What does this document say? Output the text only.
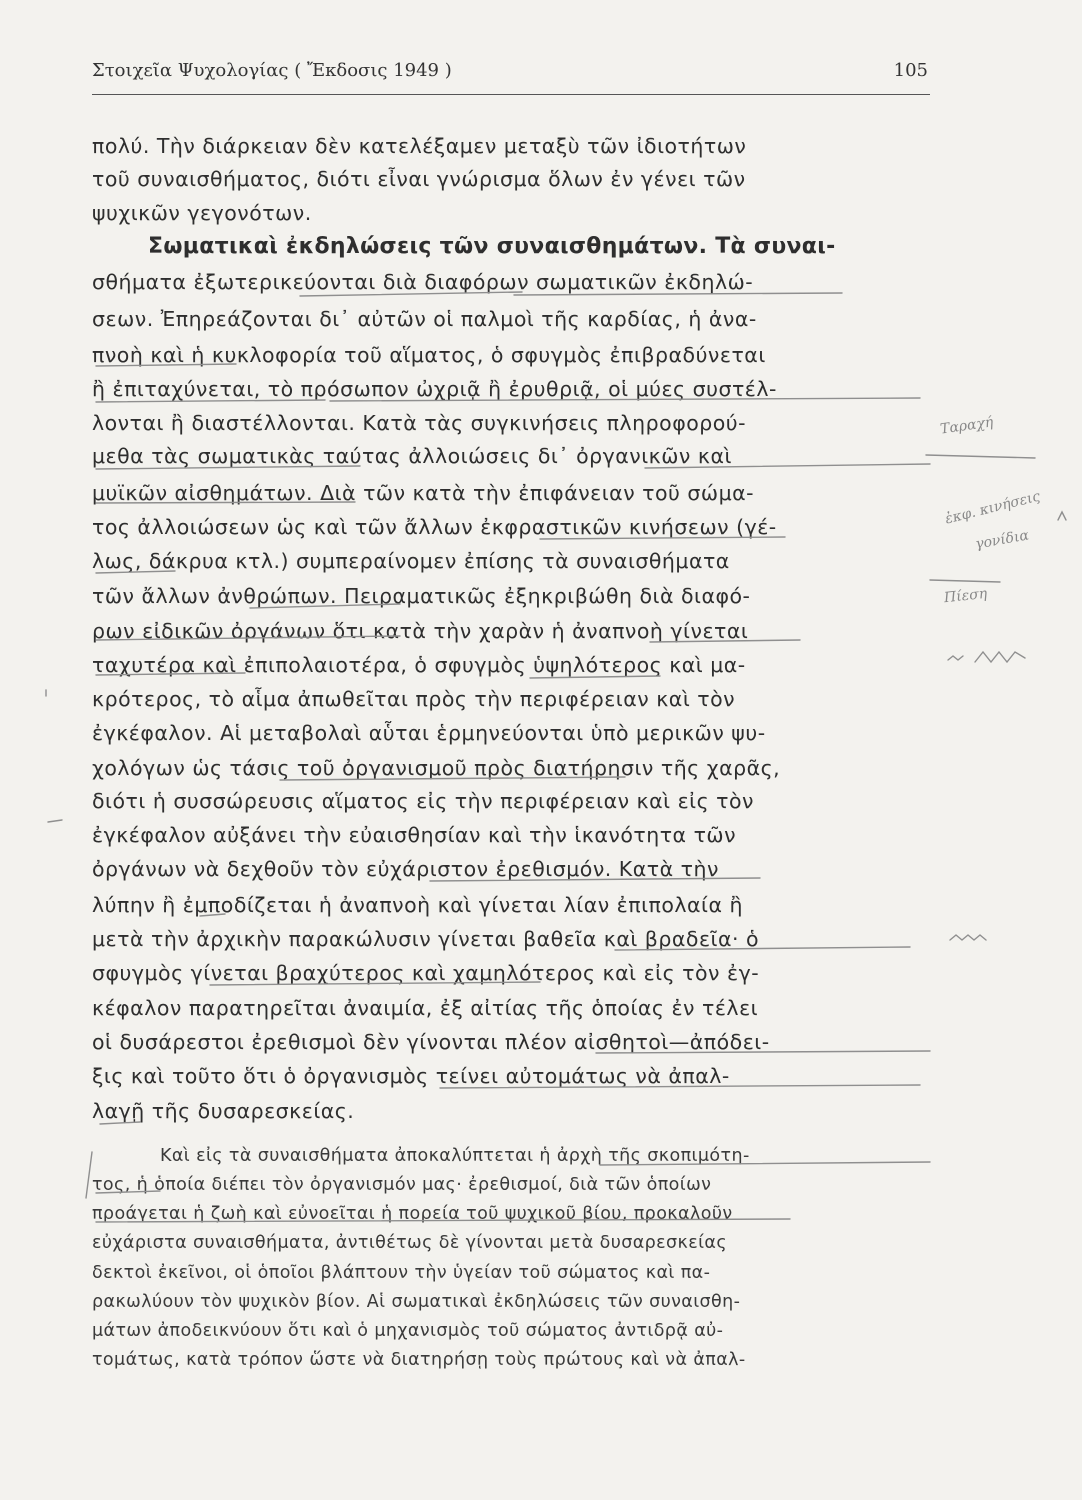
Στοιχεῖα Ψυχολογίας ( Ἔκδοσις 1949 )	105
πολύ. Τὴν διάρκειαν δὲν κατελέξαμεν μεταξὺ τῶν ἰδιοτήτων
τοῦ συναισθήματος, διότι εἶναι γνώρισμα ὅλων ἐν γένει τῶν
ψυχικῶν γεγονότων.
Σωματικαὶ ἐκδηλώσεις τῶν συναισθημάτων. Τὰ συναι-
σθήματα ἐξωτερικεύονται διὰ διαφόρων σωματικῶν ἐκδηλώ-
σεων. Ἐπηρεάζονται δι᾽ αὐτῶν οἱ παλμοὶ τῆς καρδίας, ἡ ἀνα-
πνοὴ καὶ ἡ κυκλοφορία τοῦ αἵματος, ὁ σφυγμὸς ἐπιβραδύνεται
ἢ ἐπιταχύνεται, τὸ πρόσωπον ὠχριᾷ ἢ ἐρυθριᾷ, οἱ μύες συστέλ-
λονται ἢ διαστέλλονται. Κατὰ τὰς συγκινήσεις πληροφορού-
μεθα τὰς σωματικὰς ταύτας ἀλλοιώσεις δι᾽ ὀργανικῶν καὶ
μυϊκῶν αἰσθημάτων. Διὰ τῶν κατὰ τὴν ἐπιφάνειαν τοῦ σώμα-
τος ἀλλοιώσεων ὡς καὶ τῶν ἄλλων ἐκφραστικῶν κινήσεων (γέ-
λως, δάκρυα κτλ.) συμπεραίνομεν ἐπίσης τὰ συναισθήματα
τῶν ἄλλων ἀνθρώπων. Πειραματικῶς ἐξηκριβώθη διὰ διαφό-
ρων εἰδικῶν ὀργάνων ὅτι κατὰ τὴν χαρὰν ἡ ἀναπνοὴ γίνεται
ταχυτέρα καὶ ἐπιπολαιοτέρα, ὁ σφυγμὸς ὑψηλότερος καὶ μα-
κρότερος, τὸ αἷμα ἀπωθεῖται πρὸς τὴν περιφέρειαν καὶ τὸν
ἐγκέφαλον. Αἱ μεταβολαὶ αὗται ἑρμηνεύονται ὑπὸ μερικῶν ψυ-
χολόγων ὡς τάσις τοῦ ὀργανισμοῦ πρὸς διατήρησιν τῆς χαρᾶς,
διότι ἡ συσσώρευσις αἵματος εἰς τὴν περιφέρειαν καὶ εἰς τὸν
ἐγκέφαλον αὐξάνει τὴν εὐαισθησίαν καὶ τὴν ἱκανότητα τῶν
ὀργάνων νὰ δεχθοῦν τὸν εὐχάριστον ἐρεθισμόν. Κατὰ τὴν
λύπην ἢ ἐμποδίζεται ἡ ἀναπνοὴ καὶ γίνεται λίαν ἐπιπολαία ἢ
μετὰ τὴν ἀρχικὴν παρακώλυσιν γίνεται βαθεῖα καὶ βραδεῖα· ὁ
σφυγμὸς γίνεται βραχύτερος καὶ χαμηλότερος καὶ εἰς τὸν ἐγ-
κέφαλον παρατηρεῖται ἀναιμία, ἐξ αἰτίας τῆς ὁποίας ἐν τέλει
οἱ δυσάρεστοι ἐρεθισμοὶ δὲν γίνονται πλέον αἰσθητοὶ—ἀπόδει-
ξις καὶ τοῦτο ὅτι ὁ ὀργανισμὸς τείνει αὐτομάτως νὰ ἀπαλ-
λαγῇ τῆς δυσαρεσκείας.
Καὶ εἰς τὰ συναισθήματα ἀποκαλύπτεται ἡ ἀρχὴ τῆς σκοπιμότη-
τος, ἡ ὁποία διέπει τὸν ὀργανισμόν μας· ἐρεθισμοί, διὰ τῶν ὁποίων
προάγεται ἡ ζωὴ καὶ εὐνοεῖται ἡ πορεία τοῦ ψυχικοῦ βίου, προκαλοῦν
εὐχάριστα συναισθήματα, ἀντιθέτως δὲ γίνονται μετὰ δυσαρεσκείας
δεκτοὶ ἐκεῖνοι, οἱ ὁποῖοι βλάπτουν τὴν ὑγείαν τοῦ σώματος καὶ πα-
ρακωλύουν τὸν ψυχικὸν βίον. Αἱ σωματικαὶ ἐκδηλώσεις τῶν συναισθη-
μάτων ἀποδεικνύουν ὅτι καὶ ὁ μηχανισμὸς τοῦ σώματος ἀντιδρᾷ αὐ-
τομάτως, κατὰ τρόπον ὥστε νὰ διατηρήσῃ τοὺς πρώτους καὶ νὰ ἀπαλ-
Ταραχή
ἐκφ. κινήσεις
γονίδια
Πίεση
